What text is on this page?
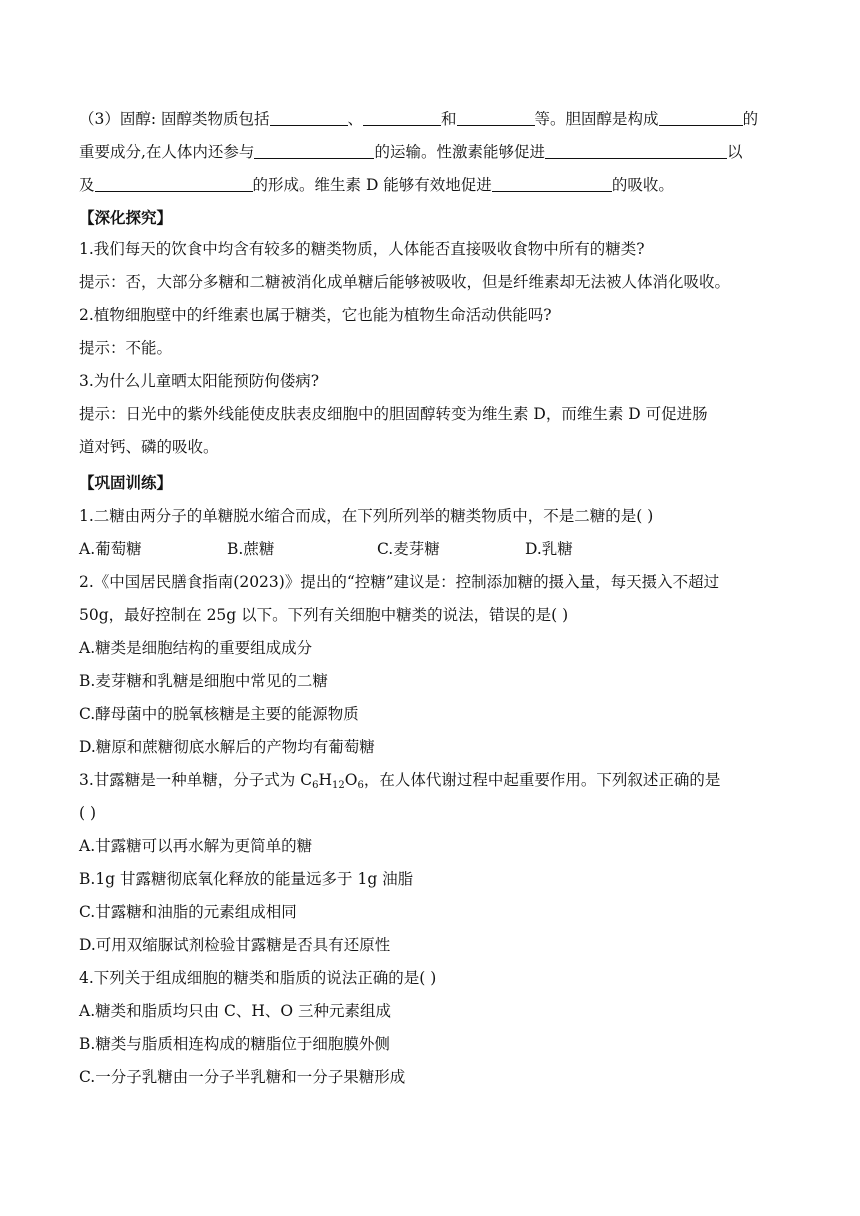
（3）固醇: 固醇类物质包括	、	和	等。胆固醇是构成	的
重要成分,在人体内还参与	的运输。性激素能够促进	以
及	的形成。维生素 D 能够有效地促进	的吸收。
【深化探究】
1.我们每天的饮食中均含有较多的糖类物质，人体能否直接吸收食物中所有的糖类?
提示：否，大部分多糖和二糖被消化成单糖后能够被吸收，但是纤维素却无法被人体消化吸收。
2.植物细胞壁中的纤维素也属于糖类，它也能为植物生命活动供能吗?
提示：不能。
3.为什么儿童晒太阳能预防佝偻病?
提示：日光中的紫外线能使皮肤表皮细胞中的胆固醇转变为维生素 D，而维生素 D 可促进肠
道对钙、磷的吸收。
【巩固训练】
1.二糖由两分子的单糖脱水缩合而成，在下列所列举的糖类物质中，不是二糖的是( )
A.葡萄糖	B.蔗糖	C.麦芽糖	D.乳糖
2.《中国居民膳食指南(2023)》提出的“控糖”建议是：控制添加糖的摄入量，每天摄入不超过
50g，最好控制在 25g 以下。下列有关细胞中糖类的说法，错误的是( )
A.糖类是细胞结构的重要组成成分
B.麦芽糖和乳糖是细胞中常见的二糖
C.酵母菌中的脱氧核糖是主要的能源物质
D.糖原和蔗糖彻底水解后的产物均有葡萄糖
3.甘露糖是一种单糖，分子式为 $C_6H_{12}O_6$，在人体代谢过程中起重要作用。下列叙述正确的是
( )
A.甘露糖可以再水解为更简单的糖
B.1g 甘露糖彻底氧化释放的能量远多于 1g 油脂
C.甘露糖和油脂的元素组成相同
D.可用双缩脲试剂检验甘露糖是否具有还原性
4.下列关于组成细胞的糖类和脂质的说法正确的是( )
A.糖类和脂质均只由 C、H、O 三种元素组成
B.糖类与脂质相连构成的糖脂位于细胞膜外侧
C.一分子乳糖由一分子半乳糖和一分子果糖形成
